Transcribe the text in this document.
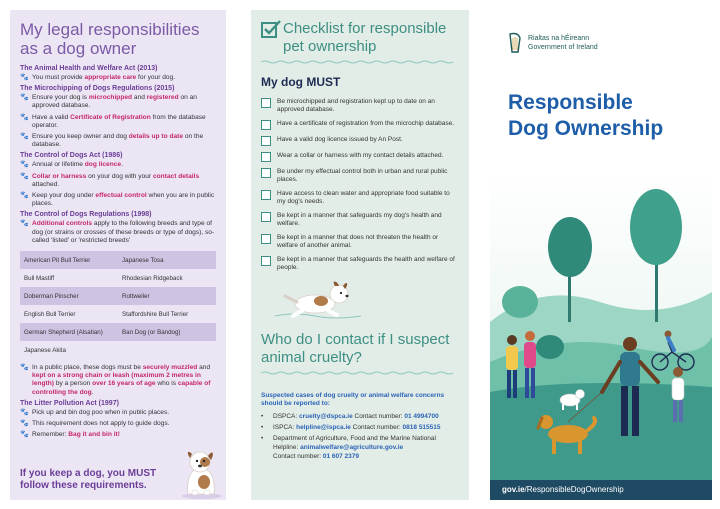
My legal responsibilities as a dog owner
The Animal Health and Welfare Act (2013)
🐾 You must provide appropriate care for your dog.
The Microchipping of Dogs Regulations (2015)
🐾 Ensure your dog is microchipped and registered on an approved database.
🐾 Have a valid Certificate of Registration from the database operator.
🐾 Ensure you keep owner and dog details up to date on the database.
The Control of Dogs Act (1986)
🐾 Annual or lifetime dog licence.
🐾 Collar or harness on your dog with your contact details attached.
🐾 Keep your dog under effectual control when you are in public places.
The Control of Dogs Regulations (1998)
🐾 Additional controls apply to the following breeds and type of dog (or strains or crosses of these breeds or type of dogs), so-called 'listed' or 'restricted breeds'
American Pit Bull Terrier	Japanese Tosa
Bull Mastiff	Rhodesian Ridgeback
Doberman Pinscher	Rottweiler
English Bull Terrier	Staffordshire Bull Terrier
German Shepherd (Alsatian)	Ban Dog (or Bandog)
Japanese Akita	
🐾 In a public place, these dogs must be securely muzzled and kept on a strong chain or leash (maximum 2 metres in length) by a person over 16 years of age who is capable of controlling the dog.
The Litter Pollution Act (1997)
🐾 Pick up and bin dog poo when in public places.
🐾 This requirement does not apply to guide dogs.
🐾 Remember: Bag it and bin it!
If you keep a dog, you MUST follow these requirements.
Checklist for responsible pet ownership
My dog MUST
Be microchipped and registration kept up to date on an approved database.
Have a certificate of registration from the microchip database.
Have a valid dog licence issued by An Post.
Wear a collar or harness with my contact details attached.
Be under my effectual control both in urban and rural public places.
Have access to clean water and appropriate food suitable to my dog's needs.
Be kept in a manner that safeguards my dog's health and welfare.
Be kept in a manner that does not threaten the health or welfare of another animal.
Be kept in a manner that safeguards the health and welfare of people.
Who do I contact if I suspect animal cruelty?
Suspected cases of dog cruelty or animal welfare concerns should be reported to:
•	DSPCA: cruelty@dspca.ie Contact number: 01 4994700
•	ISPCA: helpline@ispca.ie Contact number: 0818 515515
•	Department of Agriculture, Food and the Marine National
Helpline: animalwelfare@agriculture.gov.ie
Contact number: 01 607 2379
Rialtas na hÉireann
Government of Ireland
Responsible
Dog Ownership
gov.ie/ResponsibleDogOwnership
